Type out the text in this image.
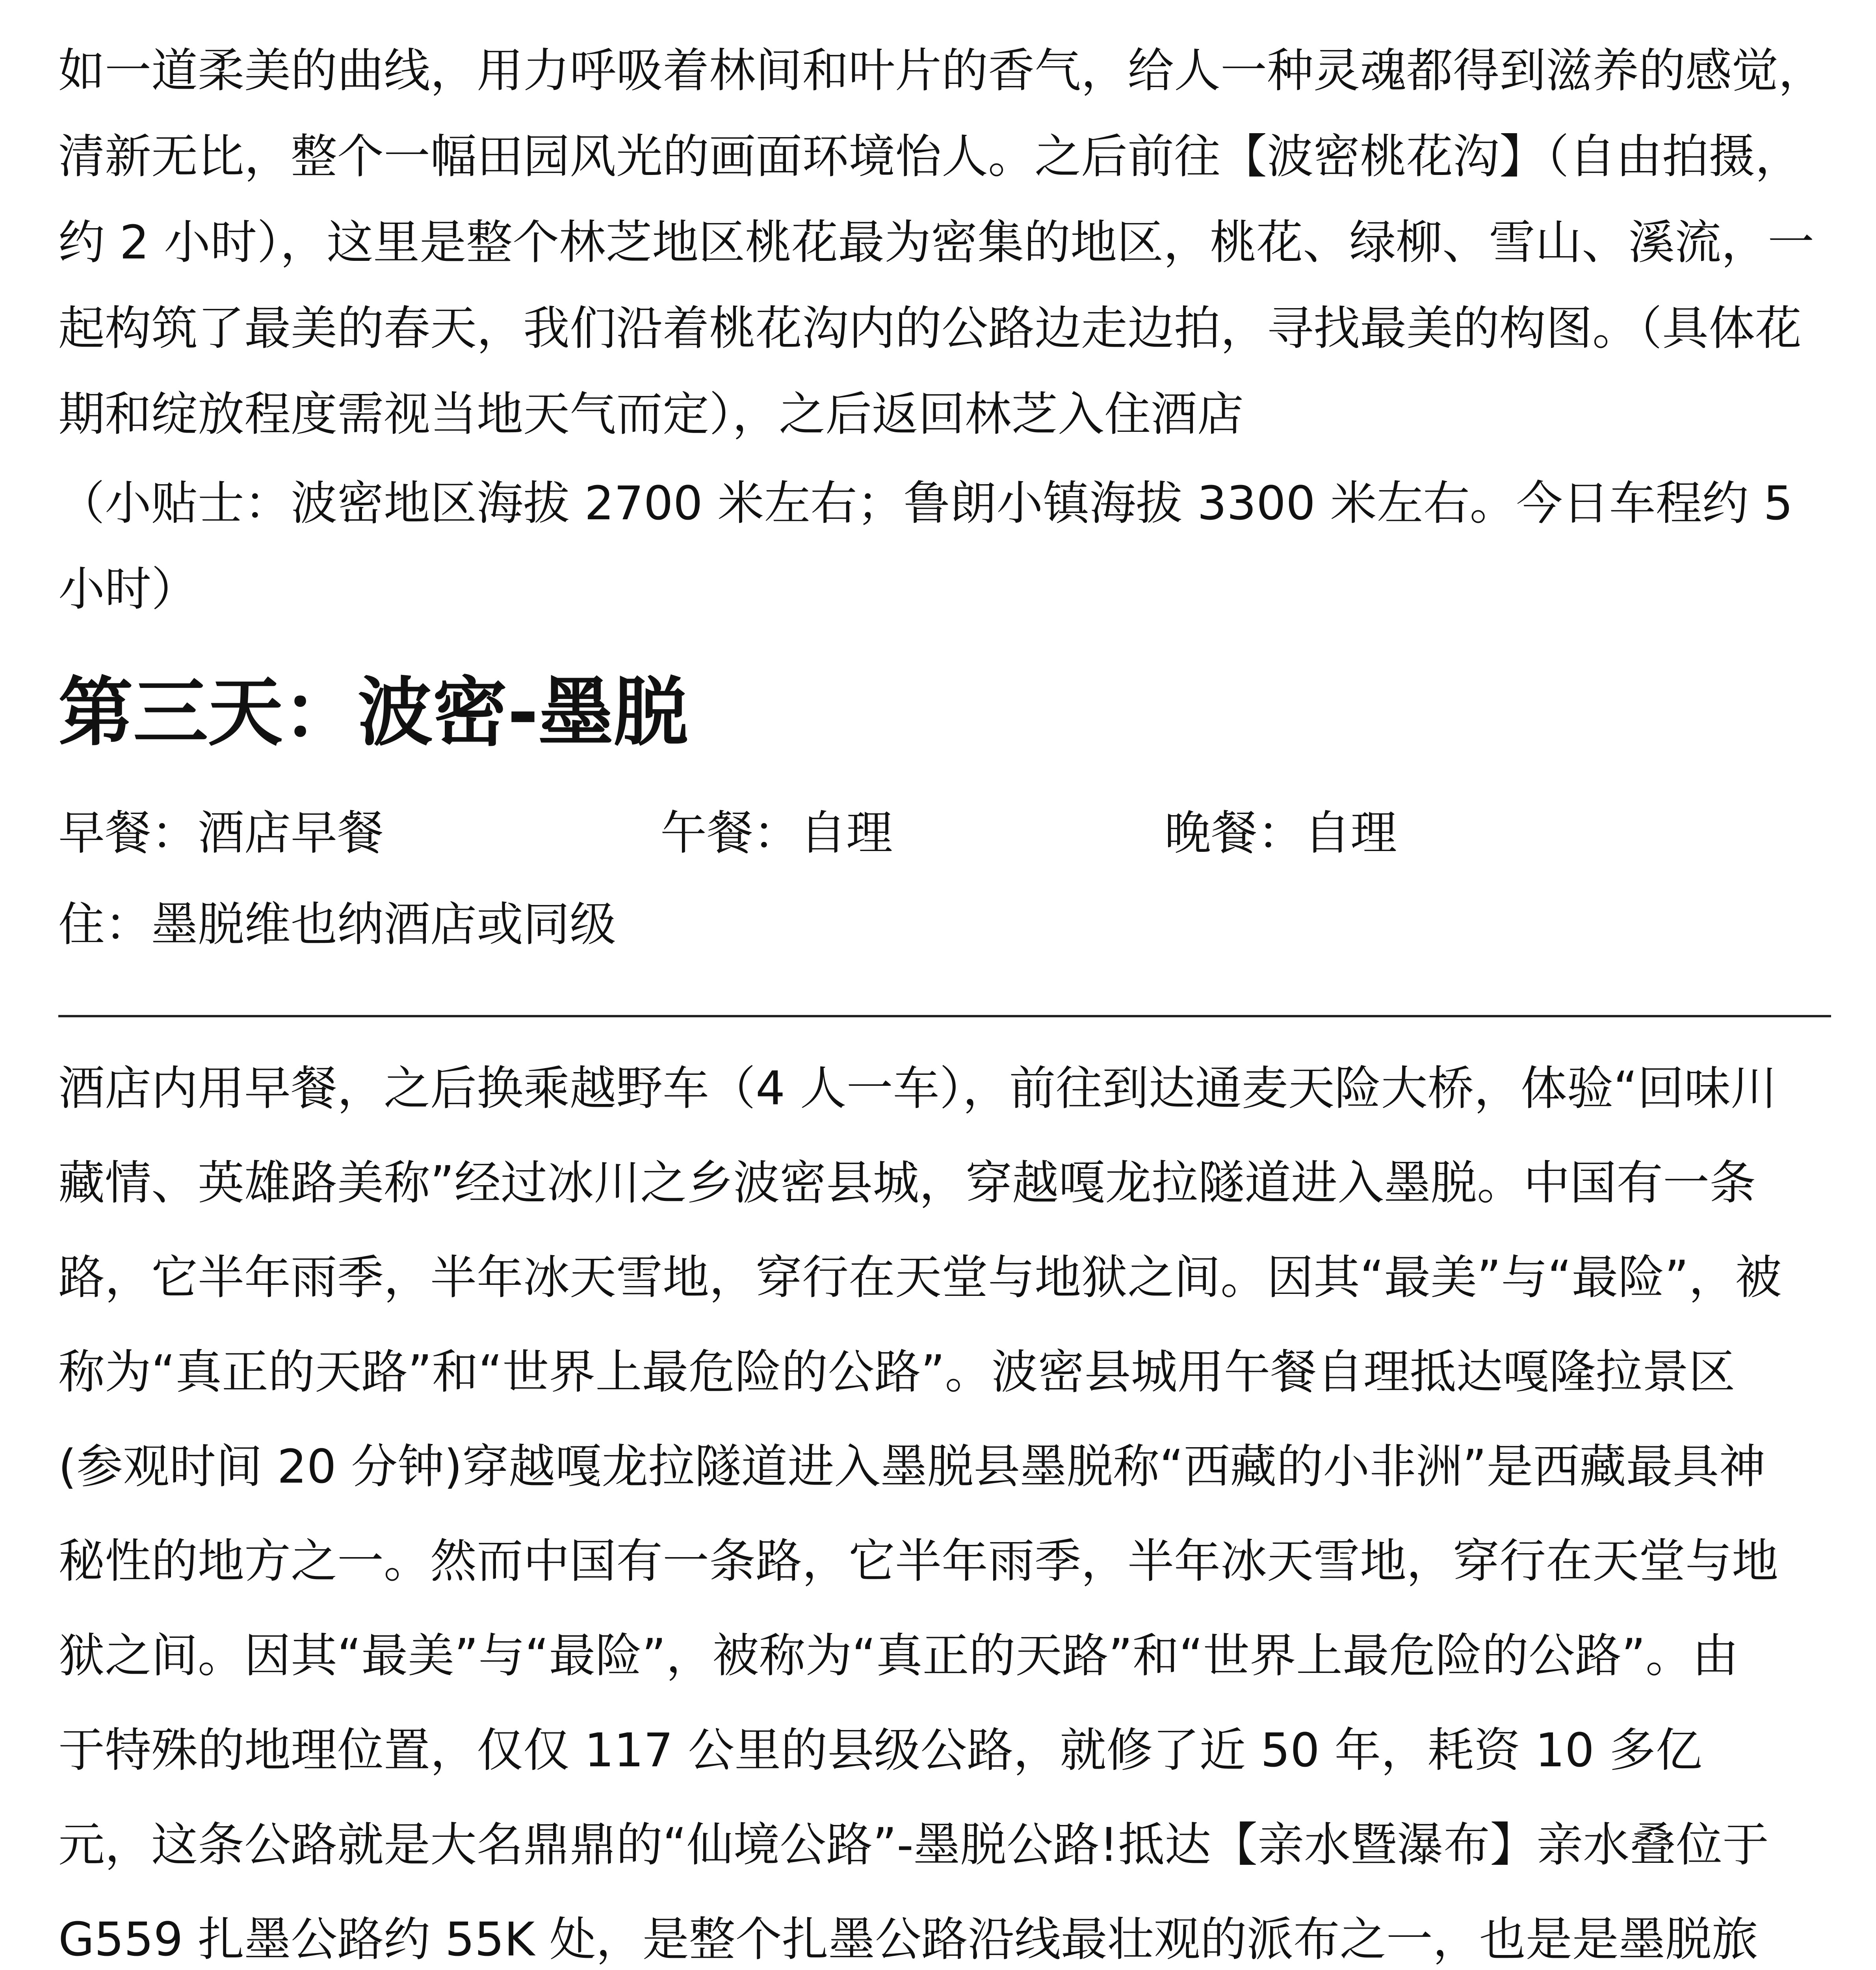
如一道柔美的曲线，用力呼吸着林间和叶片的香气，给人一种灵魂都得到滋养的感觉，清新无比，整个一幅田园风光的画面环境怡人。之后前往【波密桃花沟】（自由拍摄，约 2 小时），这里是整个林芝地区桃花最为密集的地区，桃花、绿柳、雪山、溪流，一起构筑了最美的春天，我们沿着桃花沟内的公路边走边拍，寻找最美的构图。（具体花期和绽放程度需视当地天气而定），之后返回林芝入住酒店

（小贴士：波密地区海拔 2700 米左右；鲁朗小镇海拔 3300 米左右。今日车程约 5 小时）

第三天：波密-墨脱
早餐：酒店早餐	午餐：自理	晚餐：自理
住：墨脱维也纳酒店或同级

酒店内用早餐，之后换乘越野车（4 人一车），前往到达通麦天险大桥，体验“回味川藏情、英雄路美称”经过冰川之乡波密县城，穿越嘎龙拉隧道进入墨脱。中国有一条路，它半年雨季，半年冰天雪地，穿行在天堂与地狱之间。因其“最美”与“最险”，被称为“真正的天路”和“世界上最危险的公路”。波密县城用午餐自理抵达嘎隆拉景区(参观时间 20 分钟)穿越嘎龙拉隧道进入墨脱县墨脱称“西藏的小非洲”是西藏最具神秘性的地方之一。然而中国有一条路，它半年雨季，半年冰天雪地，穿行在天堂与地狱之间。因其“最美”与“最险”，被称为“真正的天路”和“世界上最危险的公路”。由于特殊的地理位置，仅仅 117 公里的县级公路，就修了近 50 年，耗资 10 多亿元，这条公路就是大名鼎鼎的“仙境公路”-墨脱公路!抵达【亲水暨瀑布】亲水叠位于 G559 扎墨公路约 55K 处，是整个扎墨公路沿线最壮观的派布之一，也是是墨脱旅
